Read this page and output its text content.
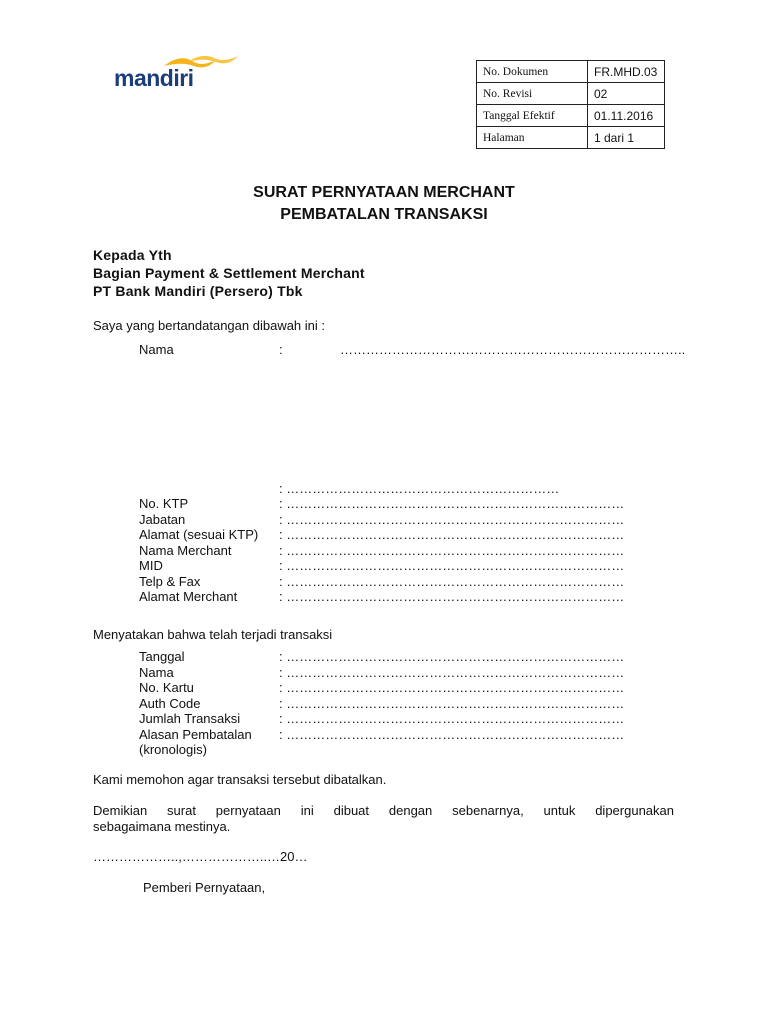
mandiri	No. Dokumen	FR.MHD.03
No. Revisi	02
Tanggal Efektif	01.11.2016
Halaman	1 dari 1
SURAT PERNYATAAN MERCHANT
PEMBATALAN TRANSAKSI
Kepada Yth
Bagian Payment & Settlement Merchant
PT Bank Mandiri (Persero) Tbk
Saya yang bertandatangan dibawah ini :
Nama	:	……………………………………………………………………..
: ………………………………………………………
No. KTP	: ……………………………………………………………………
Jabatan	: ……………………………………………………………………
Alamat (sesuai KTP) : ……………………………………………………………………
Nama Merchant	: ……………………………………………………………………
MID	: ……………………………………………………………………
Telp & Fax	: ……………………………………………………………………
Alamat Merchant	: ……………………………………………………………………
Menyatakan bahwa telah terjadi transaksi
Tanggal	: ……………………………………………………………………
Nama	: ……………………………………………………………………
No. Kartu	: ……………………………………………………………………
Auth Code	: ……………………………………………………………………
Jumlah Transaksi	: ……………………………………………………………………
Alasan Pembatalan : ……………………………………………………………………
(kronologis)
Kami memohon agar transaksi tersebut dibatalkan.
Demikian surat pernyataan ini dibuat dengan sebenarnya, untuk dipergunakan
sebagaimana mestinya.
………………..,………………..…20…
Pemberi Pernyataan,
